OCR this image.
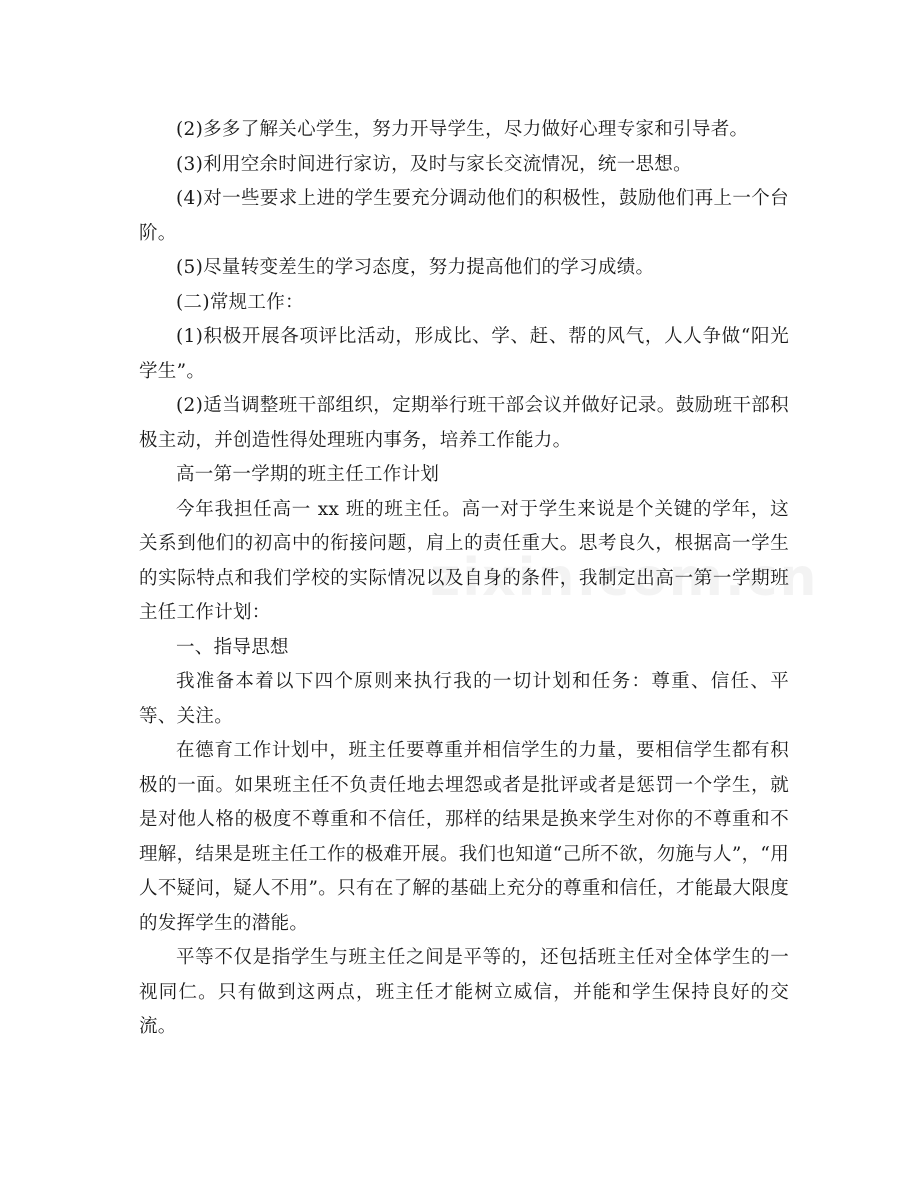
(2)多多了解关心学生，努力开导学生，尽力做好心理专家和引导者。

(3)利用空余时间进行家访，及时与家长交流情况，统一思想。

(4)对一些要求上进的学生要充分调动他们的积极性，鼓励他们再上一个台阶。

(5)尽量转变差生的学习态度，努力提高他们的学习成绩。

(二)常规工作：

(1)积极开展各项评比活动，形成比、学、赶、帮的风气，人人争做“阳光学生”。

(2)适当调整班干部组织，定期举行班干部会议并做好记录。鼓励班干部积极主动，并创造性得处理班内事务，培养工作能力。

高一第一学期的班主任工作计划

今年我担任高一 xx 班的班主任。高一对于学生来说是个关键的学年，这关系到他们的初高中的衔接问题，肩上的责任重大。思考良久，根据高一学生的实际特点和我们学校的实际情况以及自身的条件，我制定出高一第一学期班主任工作计划：

一、指导思想

我准备本着以下四个原则来执行我的一切计划和任务：尊重、信任、平等、关注。

在德育工作计划中，班主任要尊重并相信学生的力量，要相信学生都有积极的一面。如果班主任不负责任地去埋怨或者是批评或者是惩罚一个学生，就是对他人格的极度不尊重和不信任，那样的结果是换来学生对你的不尊重和不理解，结果是班主任工作的极难开展。我们也知道“己所不欲，勿施与人”，“用人不疑问，疑人不用”。只有在了解的基础上充分的尊重和信任，才能最大限度的发挥学生的潜能。

平等不仅是指学生与班主任之间是平等的，还包括班主任对全体学生的一视同仁。只有做到这两点，班主任才能树立威信，并能和学生保持良好的交流。
